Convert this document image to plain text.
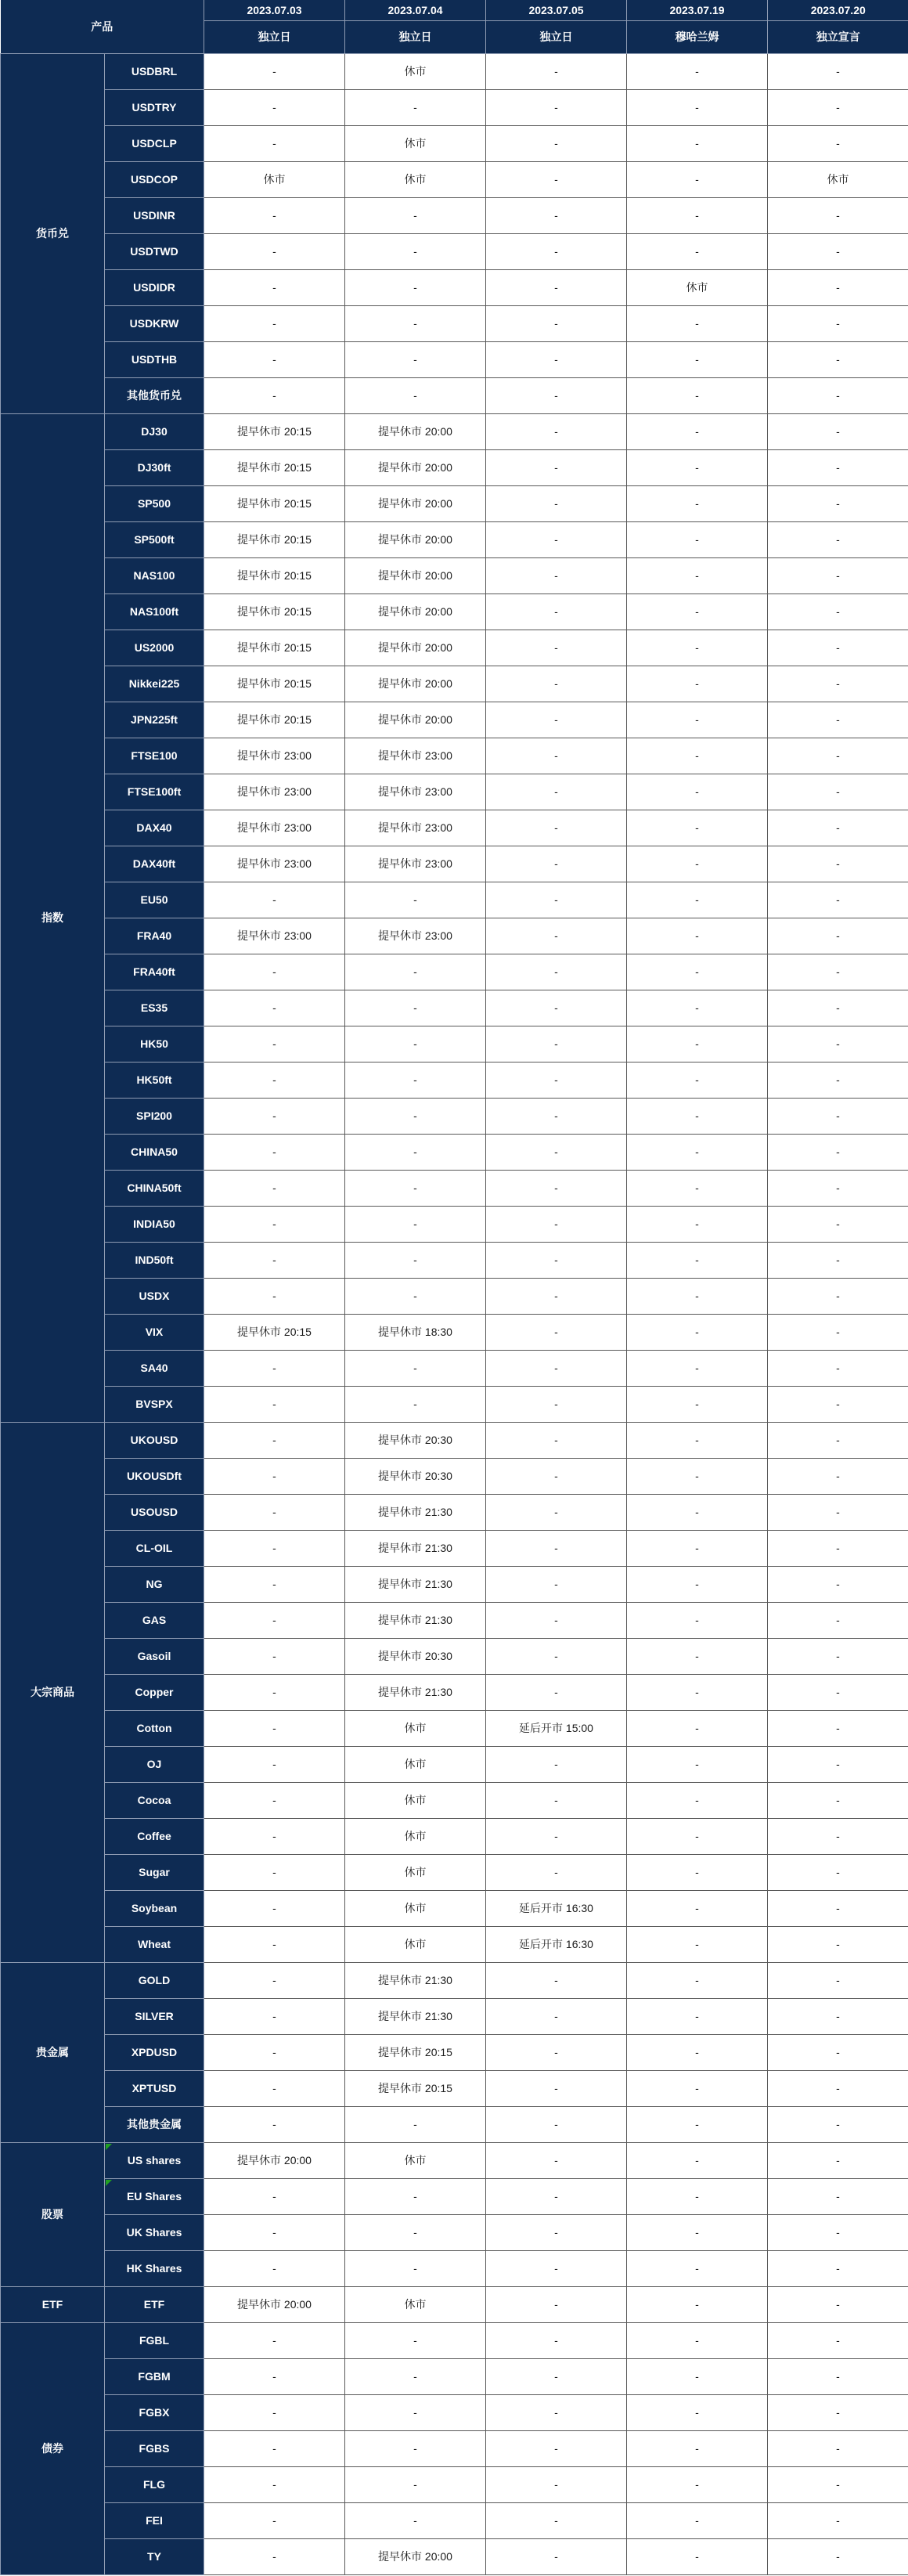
产品		2023.07.03	2023.07.04	2023.07.05	2023.07.19	2023.07.20
		独立日	独立日	独立日	穆哈兰姆	独立宣言
货币兑	USDBRL	-	休市	-	-	-
	USDTRY	-	-	-	-	-
	USDCLP	-	休市	-	-	-
	USDCOP	休市	休市	-	-	休市
	USDINR	-	-	-	-	-
	USDTWD	-	-	-	-	-
	USDIDR	-	-	-	休市	-
	USDKRW	-	-	-	-	-
	USDTHB	-	-	-	-	-
	其他货币兑	-	-	-	-	-
指数	DJ30	提早休市 20:15	提早休市 20:00	-	-	-
	DJ30ft	提早休市 20:15	提早休市 20:00	-	-	-
	SP500	提早休市 20:15	提早休市 20:00	-	-	-
	SP500ft	提早休市 20:15	提早休市 20:00	-	-	-
	NAS100	提早休市 20:15	提早休市 20:00	-	-	-
	NAS100ft	提早休市 20:15	提早休市 20:00	-	-	-
	US2000	提早休市 20:15	提早休市 20:00	-	-	-
	Nikkei225	提早休市 20:15	提早休市 20:00	-	-	-
	JPN225ft	提早休市 20:15	提早休市 20:00	-	-	-
	FTSE100	提早休市 23:00	提早休市 23:00	-	-	-
	FTSE100ft	提早休市 23:00	提早休市 23:00	-	-	-
	DAX40	提早休市 23:00	提早休市 23:00	-	-	-
	DAX40ft	提早休市 23:00	提早休市 23:00	-	-	-
	EU50	-	-	-	-	-
	FRA40	提早休市 23:00	提早休市 23:00	-	-	-
	FRA40ft	-	-	-	-	-
	ES35	-	-	-	-	-
	HK50	-	-	-	-	-
	HK50ft	-	-	-	-	-
	SPI200	-	-	-	-	-
	CHINA50	-	-	-	-	-
	CHINA50ft	-	-	-	-	-
	INDIA50	-	-	-	-	-
	IND50ft	-	-	-	-	-
	USDX	-	-	-	-	-
	VIX	提早休市 20:15	提早休市 18:30	-	-	-
	SA40	-	-	-	-	-
	BVSPX	-	-	-	-	-
大宗商品	UKOUSD	-	提早休市 20:30	-	-	-
	UKOUSDft	-	提早休市 20:30	-	-	-
	USOUSD	-	提早休市 21:30	-	-	-
	CL-OIL	-	提早休市 21:30	-	-	-
	NG	-	提早休市 21:30	-	-	-
	GAS	-	提早休市 21:30	-	-	-
	Gasoil	-	提早休市 20:30	-	-	-
	Copper	-	提早休市 21:30	-	-	-
	Cotton	-	休市	延后开市 15:00	-	-
	OJ	-	休市	-	-	-
	Cocoa	-	休市	-	-	-
	Coffee	-	休市	-	-	-
	Sugar	-	休市	-	-	-
	Soybean	-	休市	延后开市 16:30	-	-
	Wheat	-	休市	延后开市 16:30	-	-
贵金属	GOLD	-	提早休市 21:30	-	-	-
	SILVER	-	提早休市 21:30	-	-	-
	XPDUSD	-	提早休市 20:15	-	-	-
	XPTUSD	-	提早休市 20:15	-	-	-
	其他贵金属	-	-	-	-	-
股票	US shares	提早休市 20:00	休市	-	-	-
	EU Shares	-	-	-	-	-
	UK Shares	-	-	-	-	-
	HK Shares	-	-	-	-	-
ETF	ETF	提早休市 20:00	休市	-	-	-
债券	FGBL	-	-	-	-	-
	FGBM	-	-	-	-	-
	FGBX	-	-	-	-	-
	FGBS	-	-	-	-	-
	FLG	-	-	-	-	-
	FEI	-	-	-	-	-
	TY	-	提早休市 20:00	-	-	-
